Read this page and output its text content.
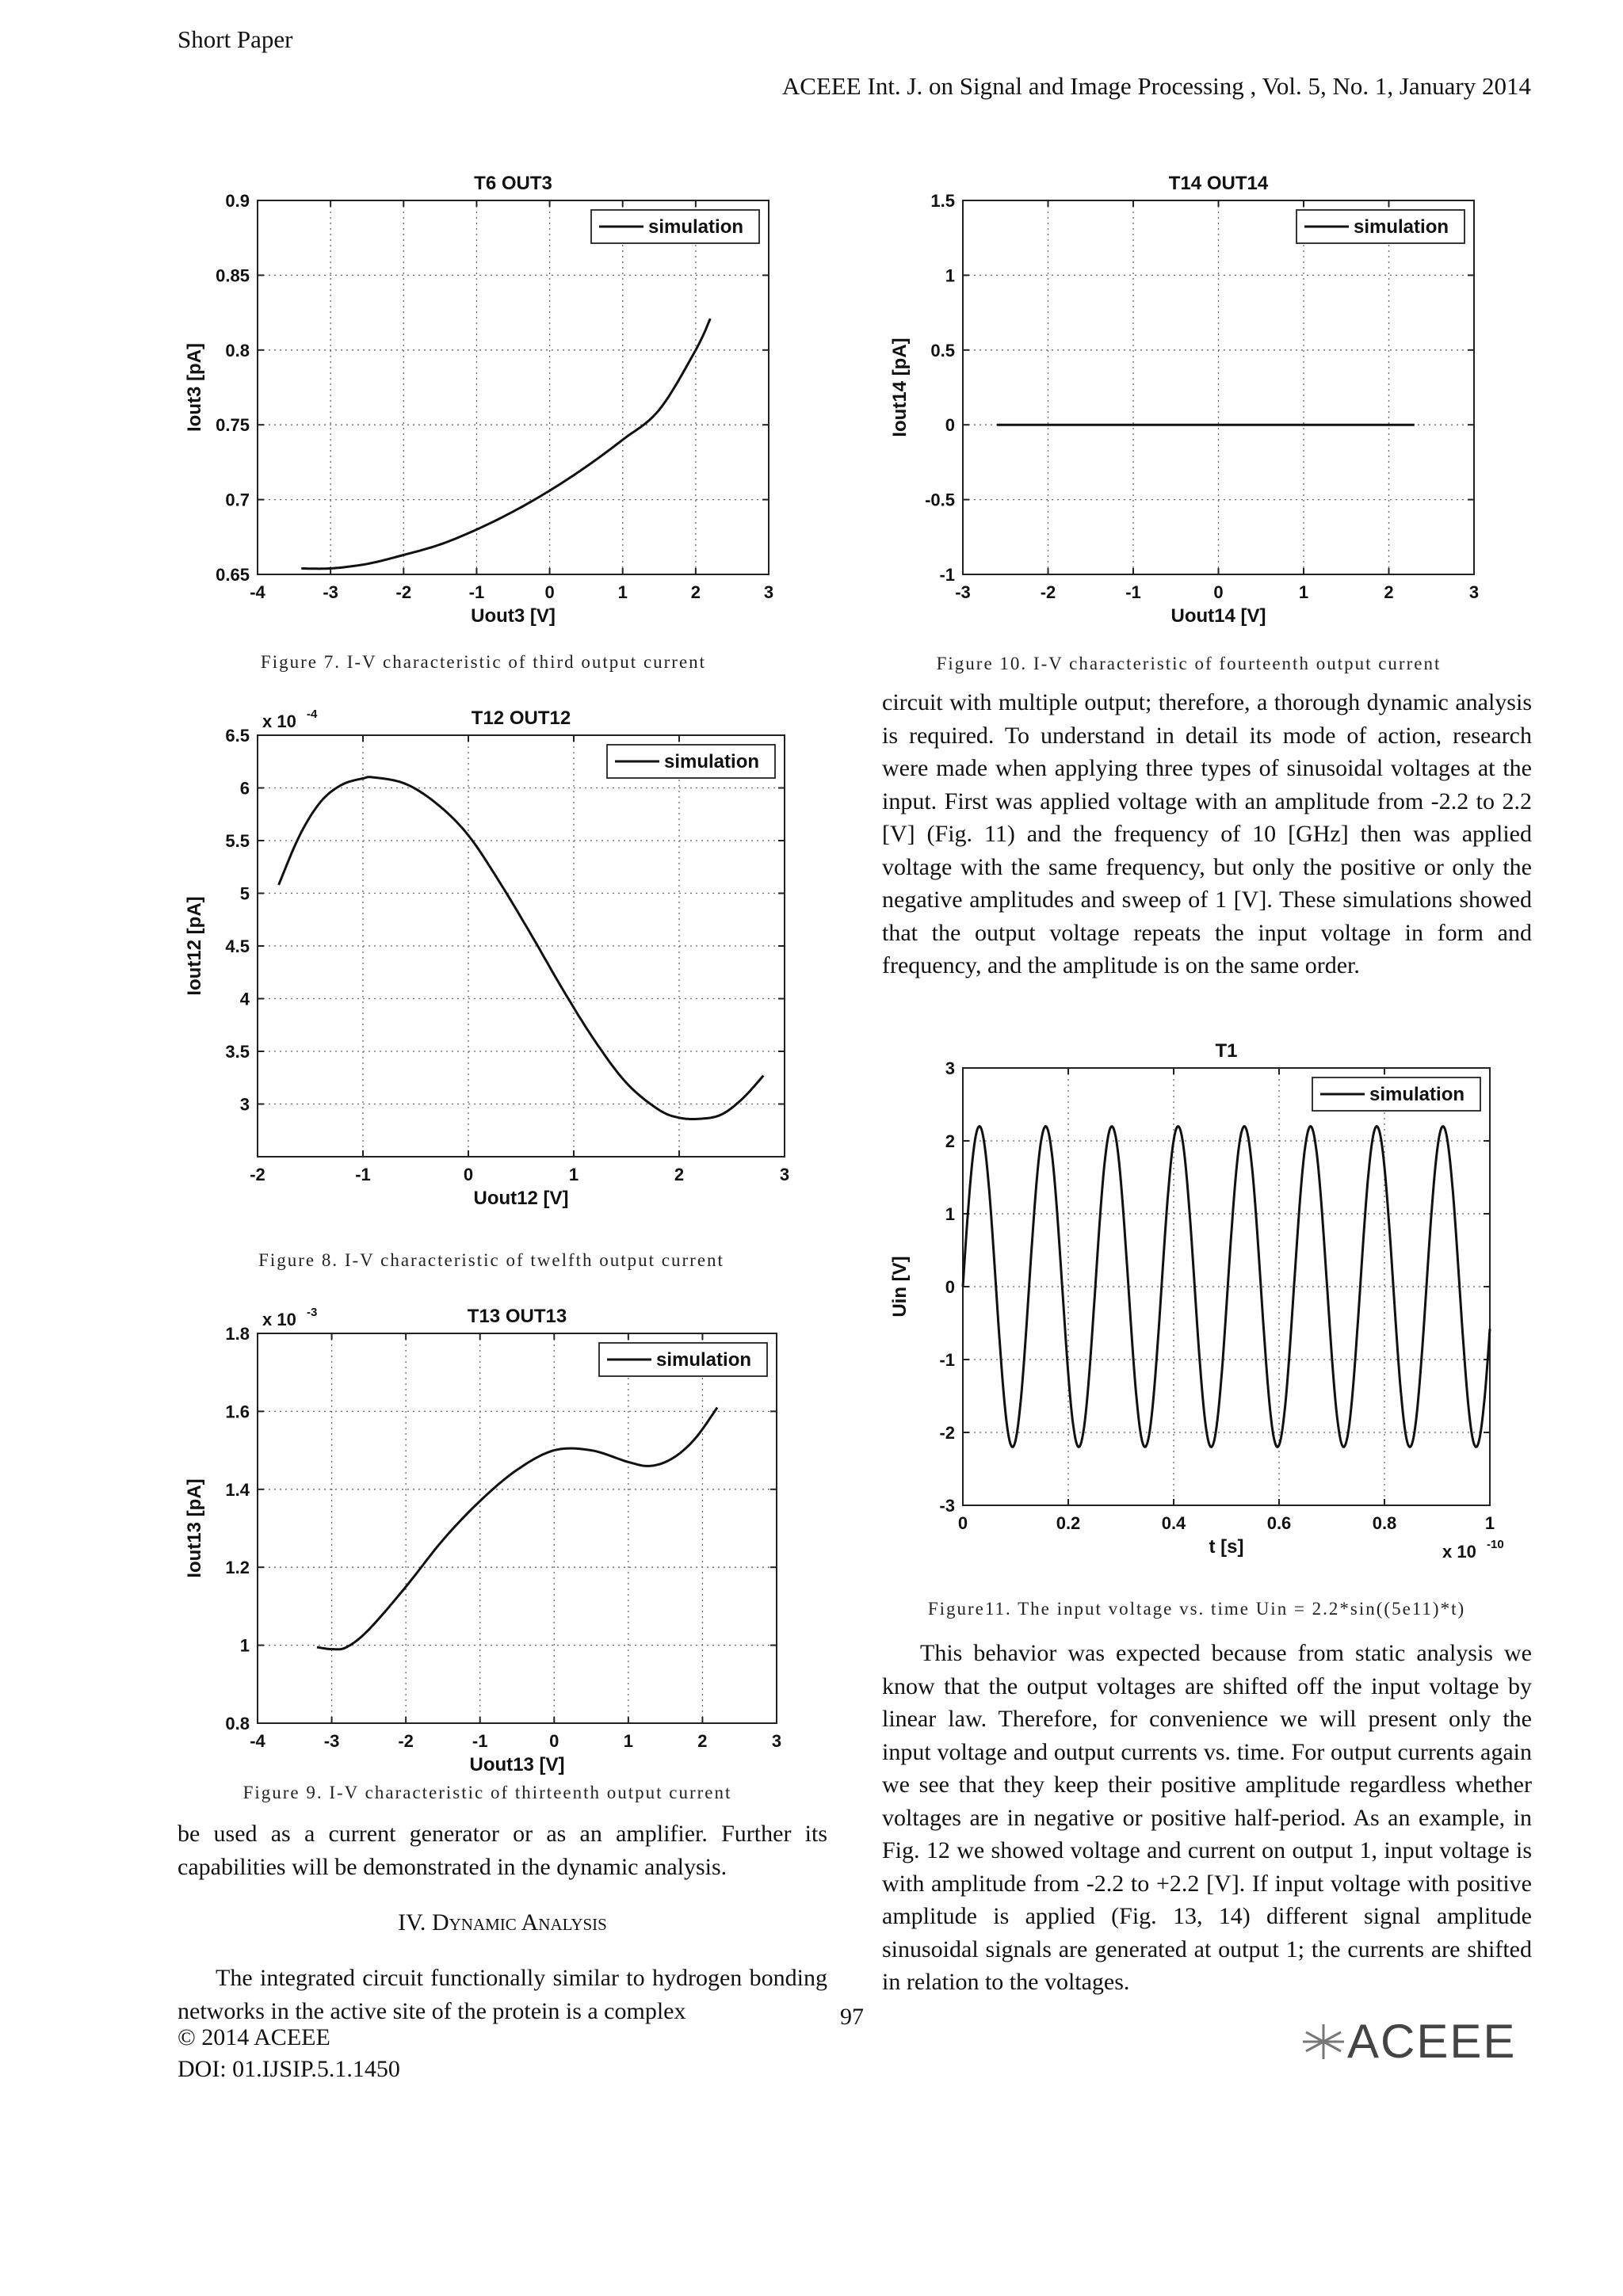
Short Paper
ACEEE Int. J. on Signal and Image Processing , Vol. 5, No. 1, January 2014
-4	-3	-2	-1	0	1	2	3
0.65
0.7
0.75
0.8
0.85
0.9
T6 OUT3
Uout3 [V]
Iout3 [pA]
simulation
Figure 7. I-V characteristic of third output current
-2	-1	0	1	2	3
3
3.5
4
4.5
5
5.5
6
6.5
T12 OUT12
Uout12 [V]
Iout12 [pA]
x 10 -4
simulation
Figure 8. I-V characteristic of twelfth output current
-4	-3	-2	-1	0	1	2	3
0.8
1
1.2
1.4
1.6
1.8
T13 OUT13
Uout13 [V]
Iout13 [pA]
x 10 -3
simulation
Figure 9. I-V characteristic of thirteenth output current
-3	-2	-1	0	1	2	3
-1
-0.5
0
0.5
1
1.5
T14 OUT14
Uout14 [V]
Iout14 [pA]
simulation
Figure 10. I-V characteristic of fourteenth output current
0	0.2	0.4	0.6	0.8	1
-3
-2
-1
0
1
2
3
T1
t [s]
Uin [V]
x 10 -10
simulation
Figure11. The input voltage vs. time Uin = 2.2*sin((5e11)*t)

circuit with multiple output; therefore, a thorough dynamic analysis is required. To understand in detail its mode of action, research were made when applying three types of sinusoidal voltages at the input. First was applied voltage with an amplitude from -2.2 to 2.2 [V] (Fig. 11) and the frequency of 10 [GHz] then was applied voltage with the same frequency, but only the positive or only the negative amplitudes and sweep of 1 [V]. These simulations showed that the output voltage repeats the input voltage in form and frequency, and the amplitude is on the same order.

This behavior was expected because from static analysis we know that the output voltages are shifted off the input voltage by linear law. Therefore, for convenience we will present only the input voltage and output currents vs. time. For output currents again we see that they keep their positive amplitude regardless whether voltages are in negative or positive half-period. As an example, in Fig. 12 we showed voltage and current on output 1, input voltage is with amplitude from -2.2 to +2.2 [V]. If input voltage with positive amplitude is applied (Fig. 13, 14) different signal amplitude sinusoidal signals are generated at output 1; the currents are shifted in relation to the voltages.

be used as a current generator or as an amplifier. Further its capabilities will be demonstrated in the dynamic analysis.

IV. Dynamic Analysis

The integrated circuit functionally similar to hydrogen bonding networks in the active site of the protein is a complex

© 2014 ACEEE
DOI: 01.IJSIP.5.1.1450
97	ACEEE
